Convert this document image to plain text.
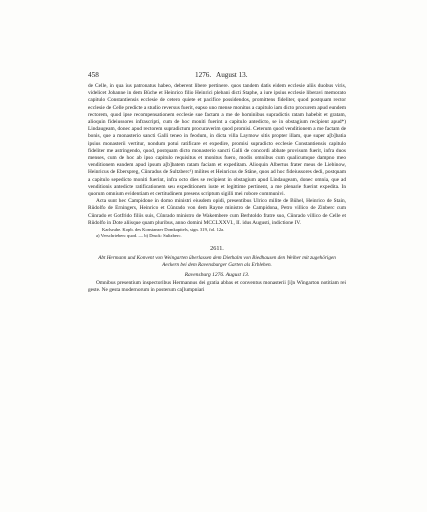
458	1276. August 13.

de Celle, in qua ius patronatus habeo, deberent libere pertinere. quos tandem datis eidem ecclesie aliis duobus viris, videlicet Johanne in dem Büche et Heinrico filio Heinrici plebani dicti Staphe, a iure ipsius ecclesie liberavi memorato capitulo Constantiensis ecclesie de cetero quiete et pacifice possidendos, promittens fideliter, quod postquam rector ecclesie de Celle predicte a studio reversus fuerit, eapso uno mense monitus a capitulo iam dicto procurem apud eundem rectorem, quod ipse recompensationem ecclesie sue factam a me de hominibus supradictis ratam habebit et gratam, alioquin fideiussores infrascripti, cum de hoc moniti fuerint a capitulo antedicto, se in obstagium recipient apud*) Lindaugeam, donec apud rectorem supradictum procuraverim quod promisi. Ceterum quod venditionem a me factam de bonis, que a monasterio sancti Galli teneo in feodum, in dicta villa Laymow sitis propter illam, que super a[b]batia ipsius monasterii vertitur, nondum potui ratificare et expedire, promisi supradicto ecclesie Constantiensis capitulo fideliter me astringendo, quod, postquam dicto monasterio sancti Galli de concordi abbate provisum fuerit, infra duos menses, cum de hoc ab ipso capitulo requisitus et monitus fuero, modis omnibus cum qualicumque dampno meo venditionem eandem apud ipsum a[b]batem ratam faciam et expeditam. Alioquin Albertus frater meus de Liebinow, Heinricus de Eberspreg, Cûnradus de Sultzberc¹) milites et Heinricus de Stâne, quos ad hoc fideiussores dedi, postquam a capitulo sepedicto moniti fuerint, infra octo dies se recipient in obstagium apud Lindaugeam, donec omnia, que ad venditionis antedicte ratificationem seu expeditionem iuste et legittime pertinent, a me plenarie fuerint expedita. In quorum omnium evidentiam et certitudinem presens scriptum sigilli mei robore communivi.

Acta sunt hec Campidone in domo ministri eiusdem opidi, presentibus Ulrico milite de Bühel, Heinrico de Stain, Rûdolfo de Erningers, Heinrico et Cûnrado von dem Rayne ministro de Campidona, Petro villico de Zinberc cum Cûnrado et Gotfrido filiis suis, Cûnrado ministro de Wakembere cum Berhtoldo fratre suo, Cûnrado villico de Celle et Rûdolfo in Dote aliisque quam pluribus, anno domini MCCLXXVI., II. idus Augusti, indictione IV.

Karlsruhe. Kopb. des Konstanzer Domkapitels, sign. 319, fol. 12a.

a) Verschrieben: quod. — b) Druck: Sultzberc.

2611.

Abt Hermann und Konvent von Weingarten überlassen dem Diethalm von Biedhausen den Weiher mit zugehörigen Aeckern bei dem Ravensburger Garten als Erblehen.

Ravensburg 1276. August 13.

Omnibus presentium inspectoribus Hermannus dei gratia abbas et conventus monasterii [i]n Wingarton notitiam rei geste. Ne gesta modernorum in posterum ca[lumpniari
